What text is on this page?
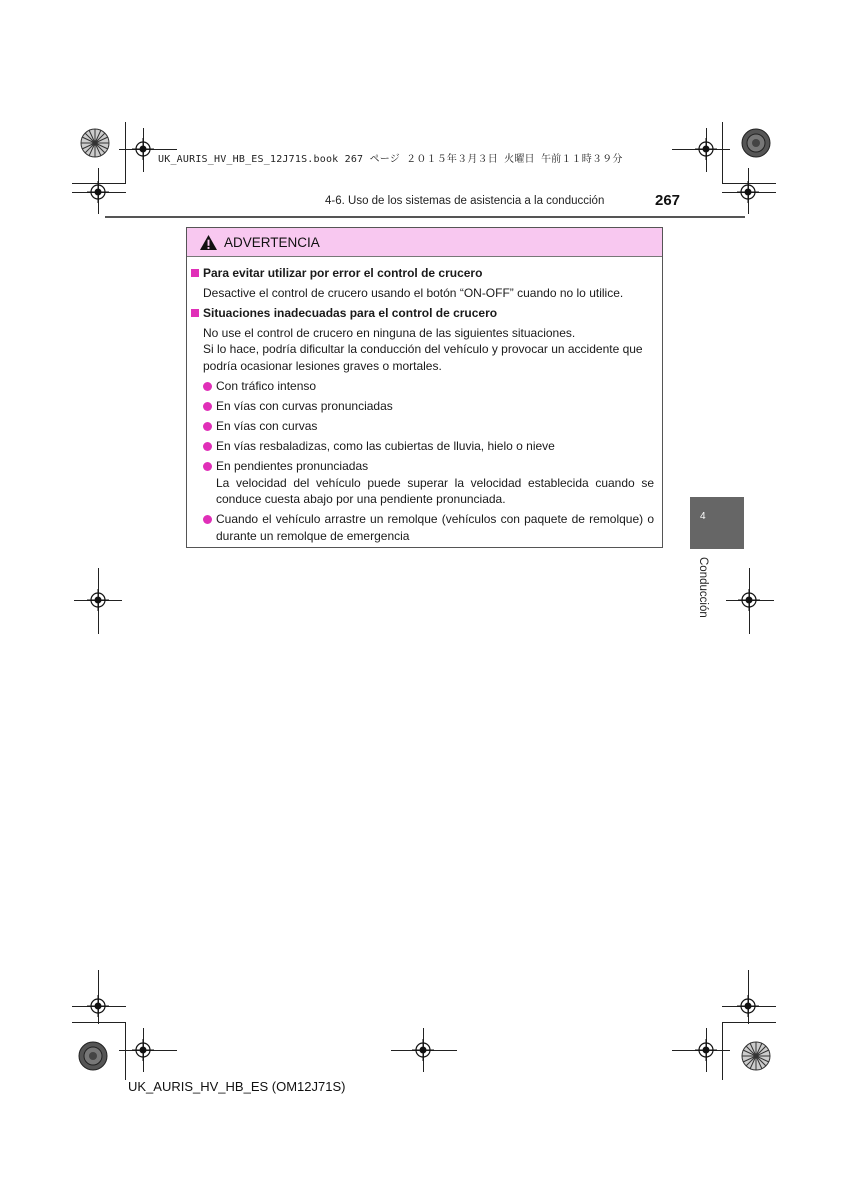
UK_AURIS_HV_HB_ES_12J71S.book 267 ページ ２０１５年３月３日 火曜日 午前１１時３９分
4-6. Uso de los sistemas de asistencia a la conducción	267
ADVERTENCIA
Para evitar utilizar por error el control de crucero
Desactive el control de crucero usando el botón “ON-OFF” cuando no lo utilice.
Situaciones inadecuadas para el control de crucero
No use el control de crucero en ninguna de las siguientes situaciones.
Si lo hace, podría dificultar la conducción del vehículo y provocar un accidente que podría ocasionar lesiones graves o mortales.
Con tráfico intenso
En vías con curvas pronunciadas
En vías con curvas
En vías resbaladizas, como las cubiertas de lluvia, hielo o nieve
En pendientes pronunciadas
La velocidad del vehículo puede superar la velocidad establecida cuando se conduce cuesta abajo por una pendiente pronunciada.
Cuando el vehículo arrastre un remolque (vehículos con paquete de remolque) o durante un remolque de emergencia
4
Conducción
UK_AURIS_HV_HB_ES (OM12J71S)
